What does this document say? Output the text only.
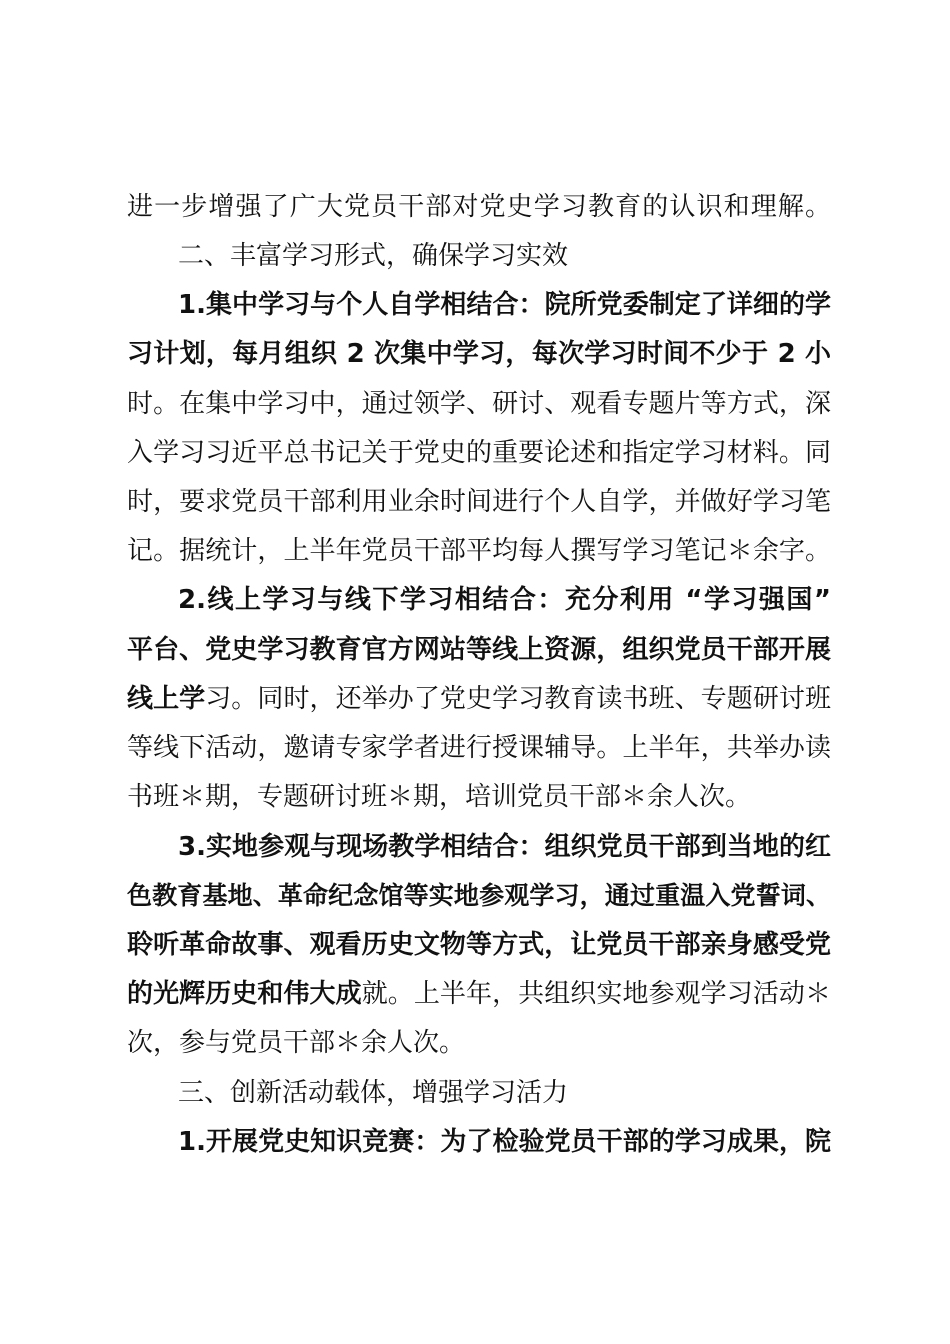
进一步增强了广大党员干部对党史学习教育的认识和理解。
二、丰富学习形式，确保学习实效
1.集中学习与个人自学相结合：院所党委制定了详细的学
习计划，每月组织 2 次集中学习，每次学习时间不少于 2 小
时。在集中学习中，通过领学、研讨、观看专题片等方式，深
入学习习近平总书记关于党史的重要论述和指定学习材料。同
时，要求党员干部利用业余时间进行个人自学，并做好学习笔
记。据统计，上半年党员干部平均每人撰写学习笔记＊余字。
2.线上学习与线下学习相结合：充分利用 “学习强国”
平台、党史学习教育官方网站等线上资源，组织党员干部开展
线上学习。同时，还举办了党史学习教育读书班、专题研讨班
等线下活动，邀请专家学者进行授课辅导。上半年，共举办读
书班＊期，专题研讨班＊期，培训党员干部＊余人次。
3.实地参观与现场教学相结合：组织党员干部到当地的红
色教育基地、革命纪念馆等实地参观学习，通过重温入党誓词、
聆听革命故事、观看历史文物等方式，让党员干部亲身感受党
的光辉历史和伟大成就。上半年，共组织实地参观学习活动＊
次，参与党员干部＊余人次。
三、创新活动载体，增强学习活力
1.开展党史知识竞赛：为了检验党员干部的学习成果，院
